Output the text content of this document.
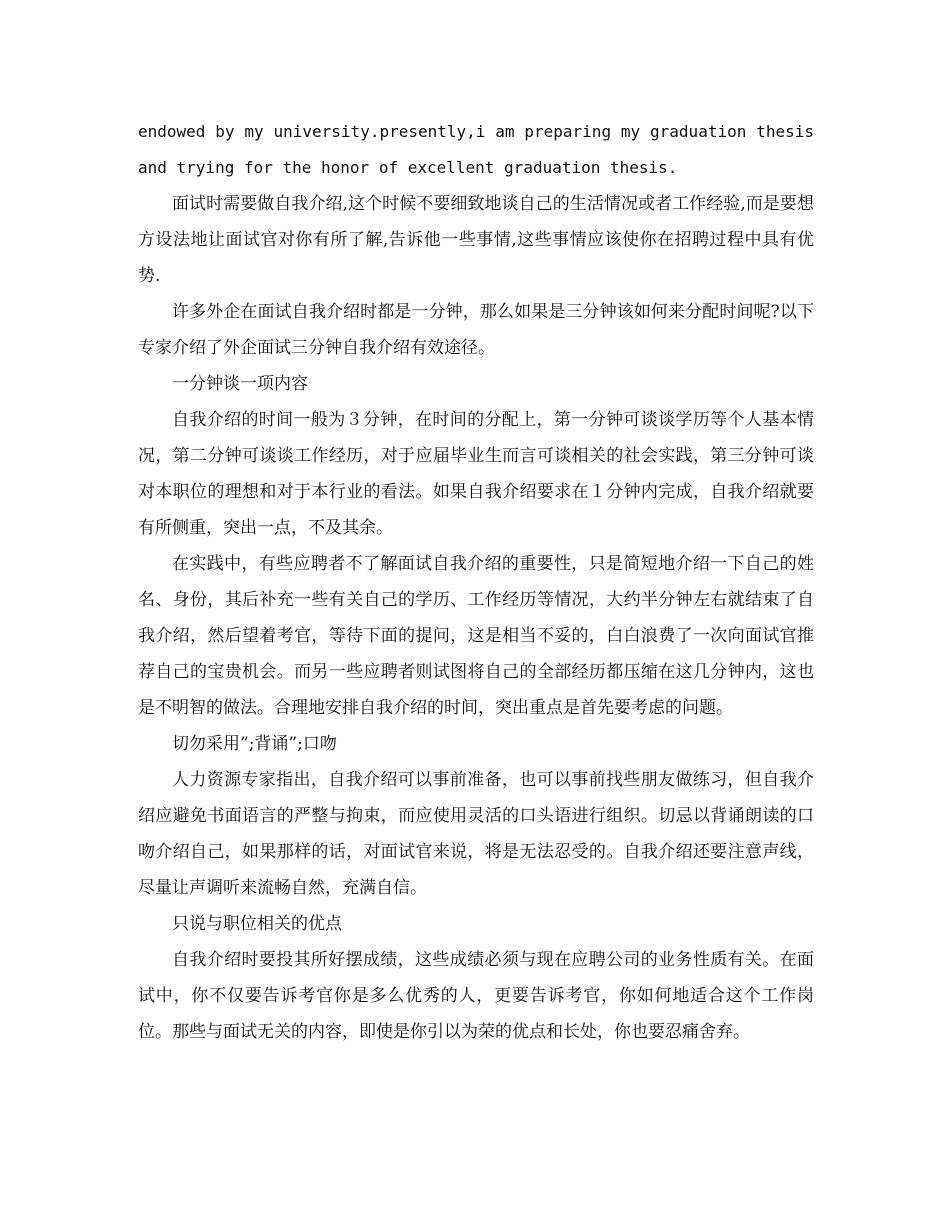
endowed by my university.presently,i am preparing my graduation thesis
and trying for the honor of excellent graduation thesis.

面试时需要做自我介绍,这个时候不要细致地谈自己的生活情况或者工作经验,而是要想方设法地让面试官对你有所了解,告诉他一些事情,这些事情应该使你在招聘过程中具有优势.

许多外企在面试自我介绍时都是一分钟，那么如果是三分钟该如何来分配时间呢?以下专家介绍了外企面试三分钟自我介绍有效途径。

一分钟谈一项内容

自我介绍的时间一般为３分钟，在时间的分配上，第一分钟可谈谈学历等个人基本情况，第二分钟可谈谈工作经历，对于应届毕业生而言可谈相关的社会实践，第三分钟可谈对本职位的理想和对于本行业的看法。如果自我介绍要求在１分钟内完成，自我介绍就要有所侧重，突出一点，不及其余。

在实践中，有些应聘者不了解面试自我介绍的重要性，只是简短地介绍一下自己的姓名、身份，其后补充一些有关自己的学历、工作经历等情况，大约半分钟左右就结束了自我介绍，然后望着考官，等待下面的提问，这是相当不妥的，白白浪费了一次向面试官推荐自己的宝贵机会。而另一些应聘者则试图将自己的全部经历都压缩在这几分钟内，这也是不明智的做法。合理地安排自我介绍的时间，突出重点是首先要考虑的问题。

切勿采用”;背诵”;口吻

人力资源专家指出，自我介绍可以事前准备，也可以事前找些朋友做练习，但自我介绍应避免书面语言的严整与拘束，而应使用灵活的口头语进行组织。切忌以背诵朗读的口吻介绍自己，如果那样的话，对面试官来说，将是无法忍受的。自我介绍还要注意声线，尽量让声调听来流畅自然，充满自信。

只说与职位相关的优点

自我介绍时要投其所好摆成绩，这些成绩必须与现在应聘公司的业务性质有关。在面试中，你不仅要告诉考官你是多么优秀的人，更要告诉考官，你如何地适合这个工作岗位。那些与面试无关的内容，即使是你引以为荣的优点和长处，你也要忍痛舍弃。
